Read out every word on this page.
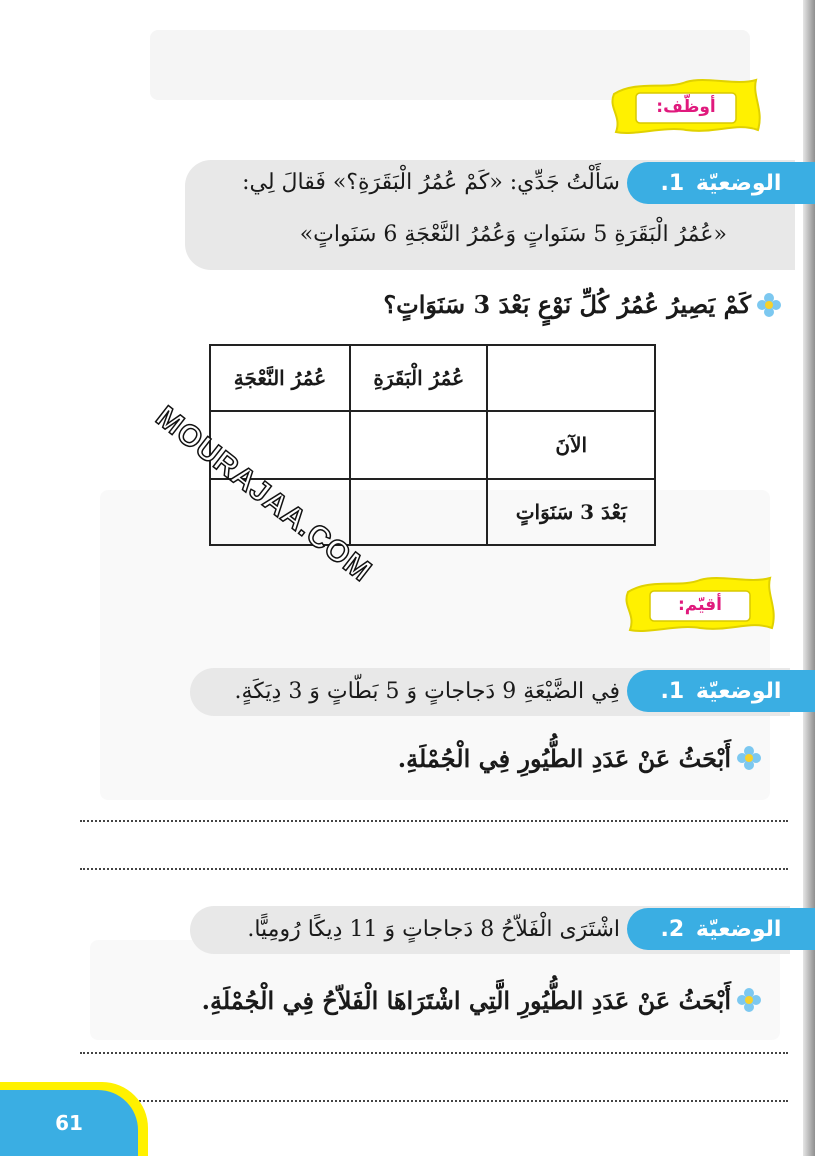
أوظّف:
الوضعيّة

1.
سَأَلْتُ جَدِّي: «كَمْ عُمُرُ الْبَقَرَةِ؟» فَقالَ لِي:
«عُمُرُ الْبَقَرَةِ 5 سَنَواتٍ وَعُمُرُ النَّعْجَةِ 6 سَنَواتٍ»
كَمْ يَصِيرُ عُمُرُ كُلِّ نَوْعٍ بَعْدَ 3 سَنَوَاتٍ؟
	عُمُرُ الْبَقَرَةِ	عُمُرُ النَّعْجَةِ
الآنَ		
بَعْدَ 3 سَنَوَاتٍ		
MOURAJAA.COM
أقيّم:
الوضعيّة

1.
فِي الضَّيْعَةِ 9 دَجاجاتٍ وَ 5 بَطّاتٍ وَ 3 دِيَكَةٍ.
أَبْحَثُ عَنْ عَدَدِ الطُّيُورِ فِي الْجُمْلَةِ.
الوضعيّة

2.
اشْتَرَى الْفَلاّحُ 8 دَجاجاتٍ وَ 11 دِيكًا رُومِيًّا.
أَبْحَثُ عَنْ عَدَدِ الطُّيُورِ الَّتِي اشْتَرَاهَا الْفَلاّحُ فِي الْجُمْلَةِ.
61
